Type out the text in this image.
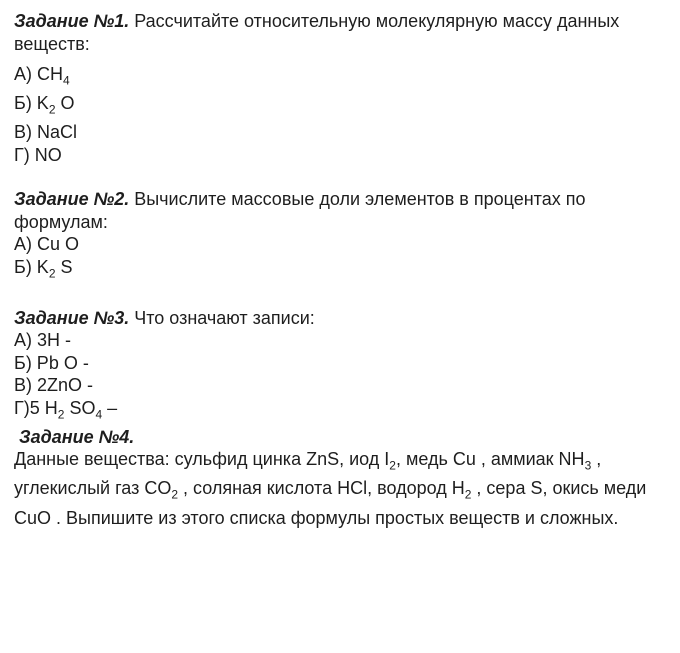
Задание №1. Рассчитайте относительную молекулярную массу данных веществ:
А) $CH_4$
Б) $K_2$ O
В) NaCl
Г) NO
Задание №2. Вычислите массовые доли элементов в процентах по формулам:
А) Cu O
Б) $K_2$ S
Задание №3. Что означают записи:
А) 3H -
Б) Pb O -
В) 2ZnO -
Г)5 $H_2$ $SO_4$ –
Задание №4.
Данные вещества: сульфид цинка ZnS, иод $I_2$, медь Cu , аммиак $NH_3$ , углекислый газ $CO_2$ , соляная кислота HCl, водород $H_2$ , сера S, окись меди CuO . Выпишите из этого списка формулы простых веществ и сложных.
